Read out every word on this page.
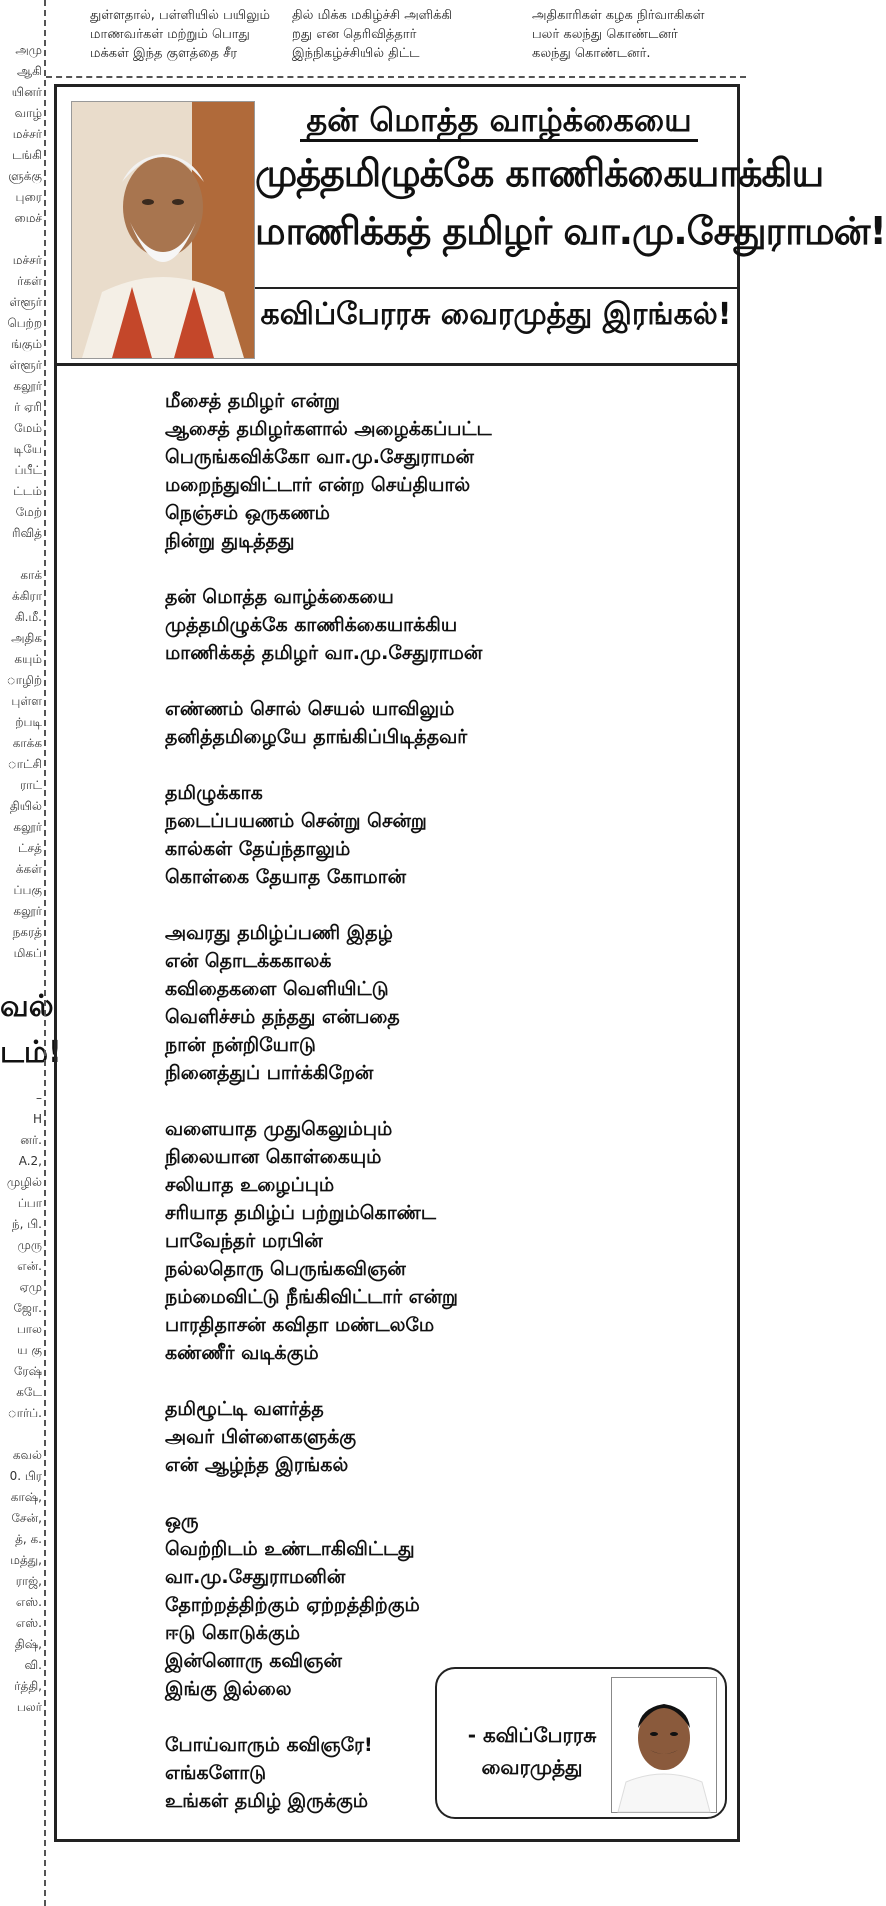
துள்ளதால், பள்ளியில் பயிலும்
மாணவர்கள் மற்றும் பொது
மக்கள் இந்த குளத்தை சீர
தில் மிக்க மகிழ்ச்சி அளிக்கி
றது என தெரிவித்தார்
இந்நிகழ்ச்சியில் திட்ட
அதிகாரிகள் கழக நிர்வாகிகள்
பலர் கலந்து கொண்டனர்
கலந்து கொண்டனர்.
அமு
ஆகி
யினர்
வாழ்
மச்சர்
டங்கி
ளுக்கு
புரை
மைச்
மச்சர்
ர்கள்
ள்ளூர்
பெற்ற
ங்கும்
ள்ளூர்
கலூர்
ர் ஏரி
மேம்
டியே
ப்பீட்
ட்டம்
மேற்
ரிவித்
காக்
க்கிரா
கி.மீ.
அதிக
கயும்
ாழிற்
புள்ள
ற்படி
காக்க
ாட்சி
ராட்
தியில்
கலூர்
ட்சத்
க்கள்
ப்பகு
கலூர்
நகரத்
மிகப்
வல்
டம்!
–
H
னர்.
A.2,
முழில்
ப்பா
ந், பி.
முரு
என்.
ஏமு
ஜோ.
பால
ய கு
ரேஷ்
கடே
ார்ப்.
கவல்
0. பிர
காஷ்,
சேன்,
த், க.
மத்து,
ராஜ்,
எஸ்.
எஸ்.
திஷ்,
வி.
ர்த்தி,
பலர்
தன் மொத்த வாழ்க்கையை
முத்தமிழுக்கே காணிக்கையாக்கிய
மாணிக்கத் தமிழர் வா.மு.சேதுராமன்!
கவிப்பேரரசு வைரமுத்து இரங்கல்!
மீசைத் தமிழர் என்று
ஆசைத் தமிழர்களால் அழைக்கப்பட்ட
பெருங்கவிக்கோ வா.மு.சேதுராமன்
மறைந்துவிட்டார் என்ற செய்தியால்
நெஞ்சம் ஒருகணம்
நின்று துடித்தது
தன் மொத்த வாழ்க்கையை
முத்தமிழுக்கே காணிக்கையாக்கிய
மாணிக்கத் தமிழர் வா.மு.சேதுராமன்
எண்ணம் சொல் செயல் யாவிலும்
தனித்தமிழையே தாங்கிப்பிடித்தவர்
தமிழுக்காக
நடைப்பயணம் சென்று சென்று
கால்கள் தேய்ந்தாலும்
கொள்கை தேயாத கோமான்
அவரது தமிழ்ப்பணி இதழ்
என் தொடக்ககாலக்
கவிதைகளை வெளியிட்டு
வெளிச்சம் தந்தது என்பதை
நான் நன்றியோடு
நினைத்துப் பார்க்கிறேன்
வளையாத முதுகெலும்பும்
நிலையான கொள்கையும்
சலியாத உழைப்பும்
சரியாத தமிழ்ப் பற்றும்கொண்ட
பாவேந்தர் மரபின்
நல்லதொரு பெருங்கவிஞன்
நம்மைவிட்டு நீங்கிவிட்டார் என்று
பாரதிதாசன் கவிதா மண்டலமே
கண்ணீர் வடிக்கும்
தமிழூட்டி வளர்த்த
அவர் பிள்ளைகளுக்கு
என் ஆழ்ந்த இரங்கல்
ஒரு
வெற்றிடம் உண்டாகிவிட்டது
வா.மு.சேதுராமனின்
தோற்றத்திற்கும் ஏற்றத்திற்கும்
ஈடு கொடுக்கும்
இன்னொரு கவிஞன்
இங்கு இல்லை
போய்வாரும் கவிஞரே!
எங்களோடு
உங்கள் தமிழ் இருக்கும்
- கவிப்பேரரசு
வைரமுத்து
